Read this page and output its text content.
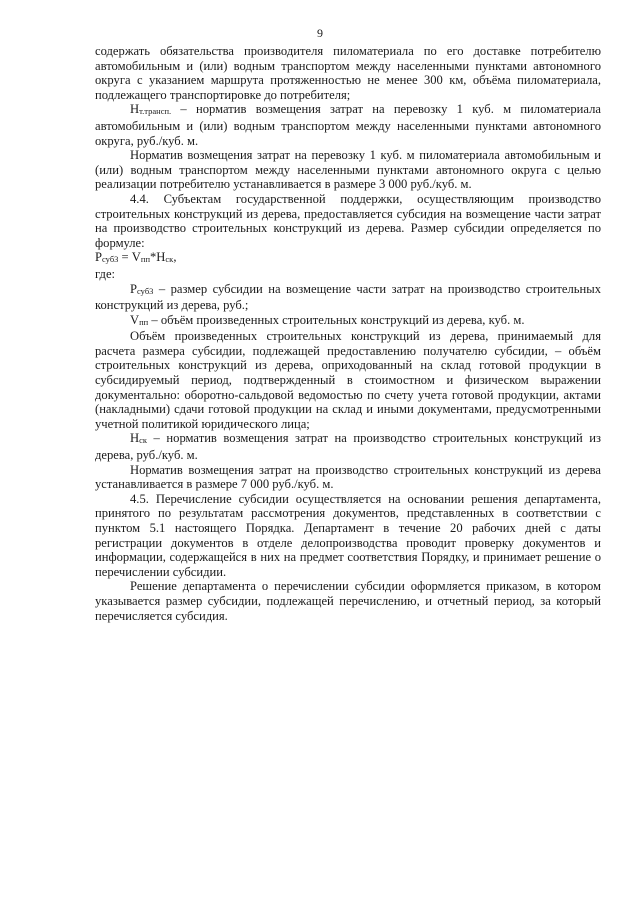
9

содержать обязательства производителя пиломатериала по его доставке потребителю автомобильным и (или) водным транспортом между населенными пунктами автономного округа с указанием маршрута протяженностью не менее 300 км, объёма пиломатериала, подлежащего транспортировке до потребителя;

Нт.трансп. – норматив возмещения затрат на перевозку 1 куб. м пиломатериала автомобильным и (или) водным транспортом между населенными пунктами автономного округа, руб./куб. м.

Норматив возмещения затрат на перевозку 1 куб. м пиломатериала автомобильным и (или) водным транспортом между населенными пунктами автономного округа с целью реализации потребителю устанавливается в размере 3 000 руб./куб. м.

4.4. Субъектам государственной поддержки, осуществляющим производство строительных конструкций из дерева, предоставляется субсидия на возмещение части затрат на производство строительных конструкций из дерева. Размер субсидии определяется по формуле:

Рсуб3 = Vпп*Нск,

где:

Рсуб3 – размер субсидии на возмещение части затрат на производство строительных конструкций из дерева, руб.;

Vпп – объём произведенных строительных конструкций из дерева, куб. м.

Объём произведенных строительных конструкций из дерева, принимаемый для расчета размера субсидии, подлежащей предоставлению получателю субсидии, – объём строительных конструкций из дерева, оприходованный на склад готовой продукции в субсидируемый период, подтвержденный в стоимостном и физическом выражении документально: оборотно-сальдовой ведомостью по счету учета готовой продукции, актами (накладными) сдачи готовой продукции на склад и иными документами, предусмотренными учетной политикой юридического лица;

Нск – норматив возмещения затрат на производство строительных конструкций из дерева, руб./куб. м.

Норматив возмещения затрат на производство строительных конструкций из дерева устанавливается в размере 7 000 руб./куб. м.

4.5. Перечисление субсидии осуществляется на основании решения департамента, принятого по результатам рассмотрения документов, представленных в соответствии с пунктом 5.1 настоящего Порядка. Департамент в течение 20 рабочих дней с даты регистрации документов в отделе делопроизводства проводит проверку документов и информации, содержащейся в них на предмет соответствия Порядку, и принимает решение о перечислении субсидии.

Решение департамента о перечислении субсидии оформляется приказом, в котором указывается размер субсидии, подлежащей перечислению, и отчетный период, за который перечисляется субсидия.
